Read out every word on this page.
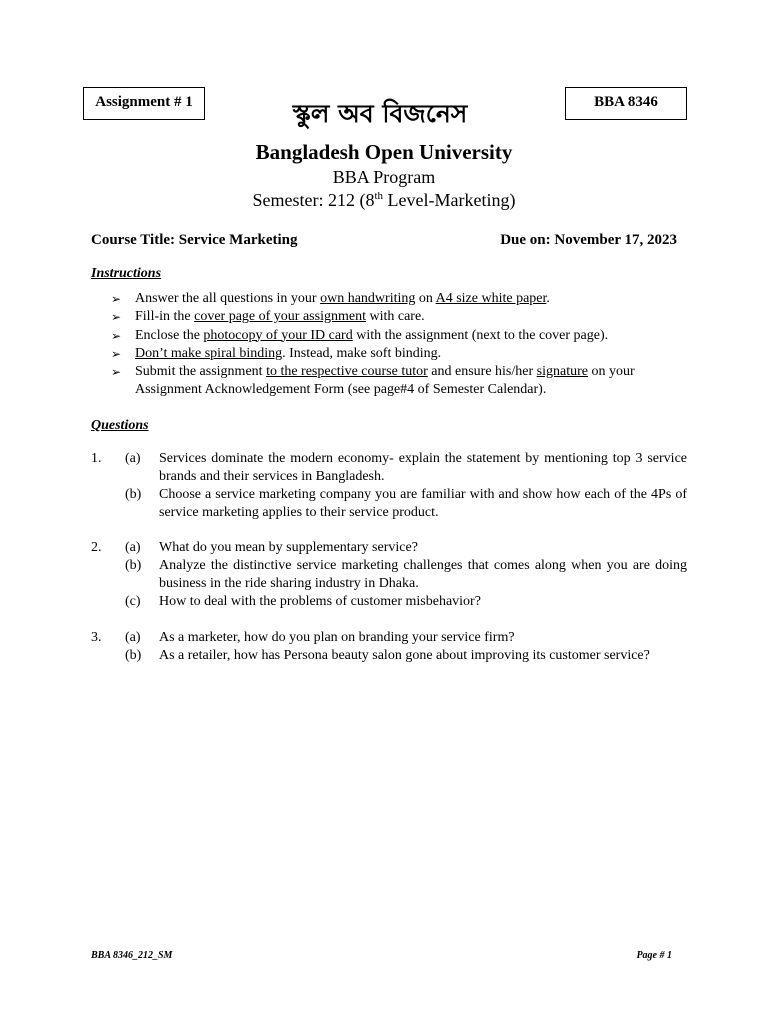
Assignment # 1	স্কুল অব বিজনেস	BBA 8346
Bangladesh Open University
BBA Program
Semester: 212 (8th Level-Marketing)
Course Title: Service Marketing	Due on: November 17, 2023
Instructions
➢ Answer the all questions in your own handwriting on A4 size white paper.
➢ Fill-in the cover page of your assignment with care.
➢ Enclose the photocopy of your ID card with the assignment (next to the cover page).
➢ Don’t make spiral binding. Instead, make soft binding.
➢ Submit the assignment to the respective course tutor and ensure his/her signature on your Assignment Acknowledgement Form (see page#4 of Semester Calendar).
Questions
1. (a) Services dominate the modern economy- explain the statement by mentioning top 3 service brands and their services in Bangladesh.
(b) Choose a service marketing company you are familiar with and show how each of the 4Ps of service marketing applies to their service product.
2. (a) What do you mean by supplementary service?
(b) Analyze the distinctive service marketing challenges that comes along when you are doing business in the ride sharing industry in Dhaka.
(c) How to deal with the problems of customer misbehavior?
3. (a) As a marketer, how do you plan on branding your service firm?
(b) As a retailer, how has Persona beauty salon gone about improving its customer service?
BBA 8346_212_SM	Page # 1
